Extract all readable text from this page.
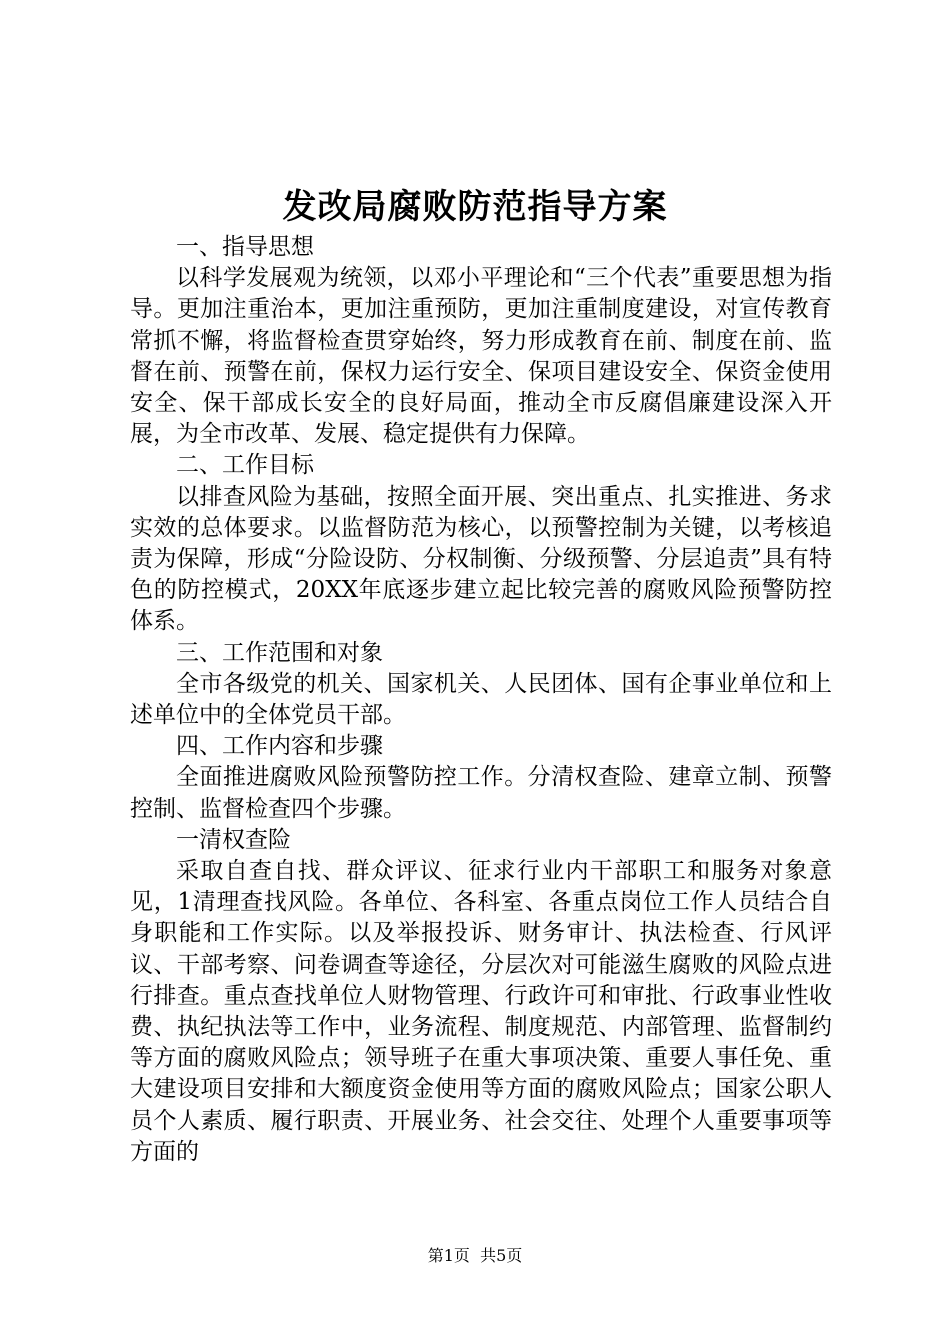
发改局腐败防范指导方案

一、指导思想

以科学发展观为统领，以邓小平理论和“三个代表”重要思想为指导。更加注重治本，更加注重预防，更加注重制度建设，对宣传教育常抓不懈，将监督检查贯穿始终，努力形成教育在前、制度在前、监督在前、预警在前，保权力运行安全、保项目建设安全、保资金使用安全、保干部成长安全的良好局面，推动全市反腐倡廉建设深入开展，为全市改革、发展、稳定提供有力保障。

二、工作目标

以排查风险为基础，按照全面开展、突出重点、扎实推进、务求实效的总体要求。以监督防范为核心，以预警控制为关键，以考核追责为保障，形成“分险设防、分权制衡、分级预警、分层追责”具有特色的防控模式，20XX年底逐步建立起比较完善的腐败风险预警防控体系。

三、工作范围和对象

全市各级党的机关、国家机关、人民团体、国有企事业单位和上述单位中的全体党员干部。

四、工作内容和步骤

全面推进腐败风险预警防控工作。分清权查险、建章立制、预警控制、监督检查四个步骤。

一清权查险

采取自查自找、群众评议、征求行业内干部职工和服务对象意见，1清理查找风险。各单位、各科室、各重点岗位工作人员结合自身职能和工作实际。以及举报投诉、财务审计、执法检查、行风评议、干部考察、问卷调查等途径，分层次对可能滋生腐败的风险点进行排查。重点查找单位人财物管理、行政许可和审批、行政事业性收费、执纪执法等工作中，业务流程、制度规范、内部管理、监督制约等方面的腐败风险点；领导班子在重大事项决策、重要人事任免、重大建设项目安排和大额度资金使用等方面的腐败风险点；国家公职人员个人素质、履行职责、开展业务、社会交往、处理个人重要事项等方面的

第1页 共5页
